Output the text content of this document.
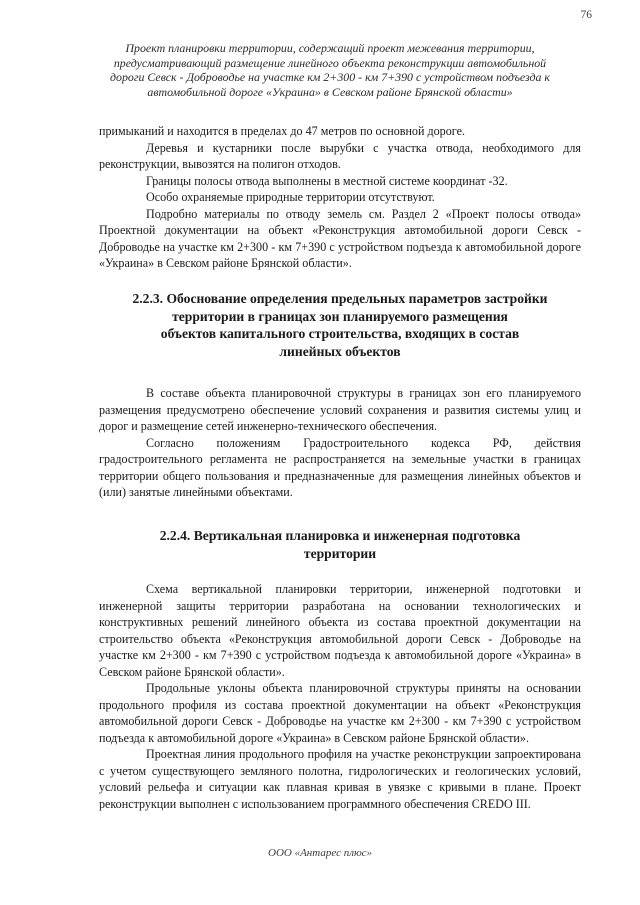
76
Проект планировки территории, содержащий проект межевания территории,
предусматривающий размещение линейного объекта реконструкции автомобильной
дороги Севск - Доброводье на участке км 2+300 - км 7+390 с устройством подъезда к
автомобильной дороге «Украина» в Севском районе Брянской области»

примыканий и находится в пределах до 47 метров по основной дороге.

Деревья и кустарники после вырубки с участка отвода, необходимого для реконструкции, вывозятся на полигон отходов.

Границы полосы отвода выполнены в местной системе координат -32.

Особо охраняемые природные территории отсутствуют.

Подробно материалы по отводу земель см. Раздел 2 «Проект полосы отвода» Проектной документации на объект «Реконструкция автомобильной дороги Севск - Доброводье на участке км 2+300 - км 7+390 с устройством подъезда к автомобильной дороге «Украина» в Севском районе Брянской области».

2.2.3. Обоснование определения предельных параметров застройки
территории в границах зон планируемого размещения
объектов капитального строительства, входящих в состав
линейных объектов

В составе объекта планировочной структуры в границах зон его планируемого размещения предусмотрено обеспечение условий сохранения и развития системы улиц и дорог и размещение сетей инженерно-технического обеспечения.

Согласно положениям Градостроительного кодекса РФ, действия градостроительного регламента не распространяется на земельные участки в границах территории общего пользования и предназначенные для размещения линейных объектов и (или) занятые линейными объектами.

2.2.4. Вертикальная планировка и инженерная подготовка
территории

Схема вертикальной планировки территории, инженерной подготовки и инженерной защиты территории разработана на основании технологических и конструктивных решений линейного объекта из состава проектной документации на строительство объекта «Реконструкция автомобильной дороги Севск - Доброводье на участке км 2+300 - км 7+390 с устройством подъезда к автомобильной дороге «Украина» в Севском районе Брянской области».

Продольные уклоны объекта планировочной структуры приняты на основании продольного профиля из состава проектной документации на объект «Реконструкция автомобильной дороги Севск - Доброводье на участке км 2+300 - км 7+390 с устройством подъезда к автомобильной дороге «Украина» в Севском районе Брянской области».

Проектная линия продольного профиля на участке реконструкции запроектирована с учетом существующего земляного полотна, гидрологических и геологических условий, условий рельефа и ситуации как плавная кривая в увязке с кривыми в плане. Проект реконструкции выполнен с использованием программного обеспечения CREDO III.

ООО «Антарес плюс»
